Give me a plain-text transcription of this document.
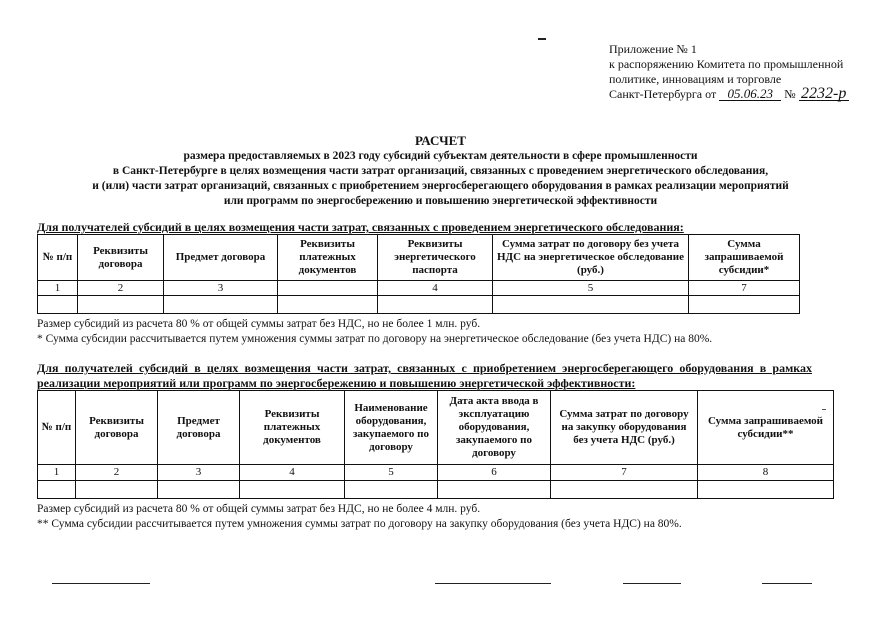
Приложение № 1
к распоряжению Комитета по промышленной
политике, инновациям и торговле
Санкт-Петербурга от 05.06.23 № 2232-р
РАСЧЕТ
размера предоставляемых в 2023 году субсидий субъектам деятельности в сфере промышленности
в Санкт-Петербурге в целях возмещения части затрат организаций, связанных с проведением энергетического обследования,
и (или) части затрат организаций, связанных с приобретением энергосберегающего оборудования в рамках реализации мероприятий
или программ по энергосбережению и повышению энергетической эффективности
Для получателей субсидий в целях возмещения части затрат, связанных с проведением энергетического обследования:
№ п/п	Реквизиты договора	Предмет договора	Реквизиты платежных документов	Реквизиты энергетического паспорта	Сумма затрат по договору без учета НДС на энергетическое обследование (руб.)	Сумма запрашиваемой субсидии*
1	2	3		4	5	7

Размер субсидий из расчета 80 % от общей суммы затрат без НДС, но не более 1 млн. руб.
* Сумма субсидии рассчитывается путем умножения суммы затрат по договору на энергетическое обследование (без учета НДС) на 80%.
Для получателей субсидий в целях возмещения части затрат, связанных с приобретением энергосберегающего оборудования в рамках реализации мероприятий или программ по энергосбережению и повышению энергетической эффективности:
№ п/п	Реквизиты договора	Предмет договора	Реквизиты платежных документов	Наименование оборудования, закупаемого по договору	Дата акта ввода в эксплуатацию оборудования, закупаемого по договору	Сумма затрат по договору на закупку оборудования без учета НДС (руб.)	Сумма запрашиваемой субсидии**
1	2	3	4	5	6	7	8

Размер субсидий из расчета 80 % от общей суммы затрат без НДС, но не более 4 млн. руб.
** Сумма субсидии рассчитывается путем умножения суммы затрат по договору на закупку оборудования (без учета НДС) на 80%.
